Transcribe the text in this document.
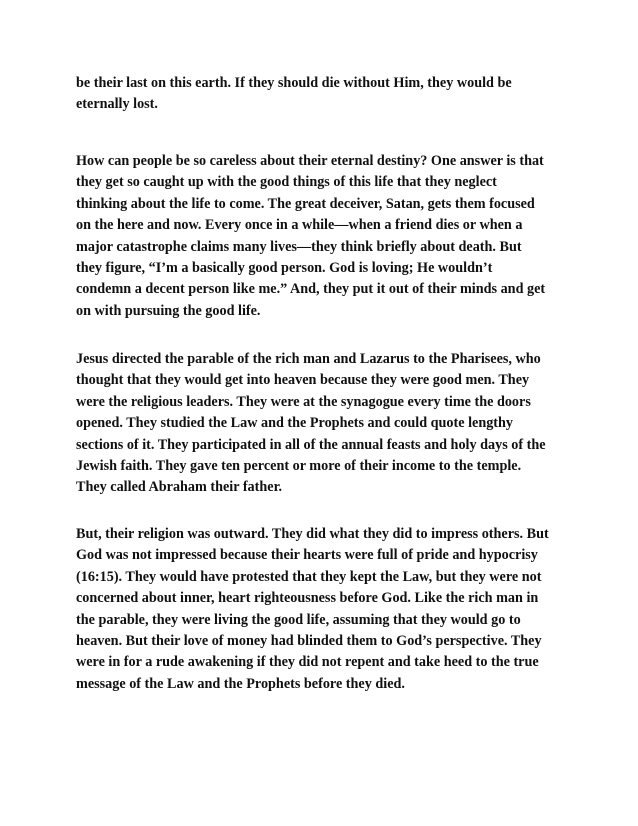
be their last on this earth. If they should die without Him, they would be
eternally lost.

How can people be so careless about their eternal destiny? One answer is that
they get so caught up with the good things of this life that they neglect
thinking about the life to come. The great deceiver, Satan, gets them focused
on the here and now. Every once in a while—when a friend dies or when a
major catastrophe claims many lives—they think briefly about death. But
they figure, “I’m a basically good person. God is loving; He wouldn’t
condemn a decent person like me.” And, they put it out of their minds and get
on with pursuing the good life.

Jesus directed the parable of the rich man and Lazarus to the Pharisees, who
thought that they would get into heaven because they were good men. They
were the religious leaders. They were at the synagogue every time the doors
opened. They studied the Law and the Prophets and could quote lengthy
sections of it. They participated in all of the annual feasts and holy days of the
Jewish faith. They gave ten percent or more of their income to the temple.
They called Abraham their father.

But, their religion was outward. They did what they did to impress others. But
God was not impressed because their hearts were full of pride and hypocrisy
(16:15). They would have protested that they kept the Law, but they were not
concerned about inner, heart righteousness before God. Like the rich man in
the parable, they were living the good life, assuming that they would go to
heaven. But their love of money had blinded them to God’s perspective. They
were in for a rude awakening if they did not repent and take heed to the true
message of the Law and the Prophets before they died.
